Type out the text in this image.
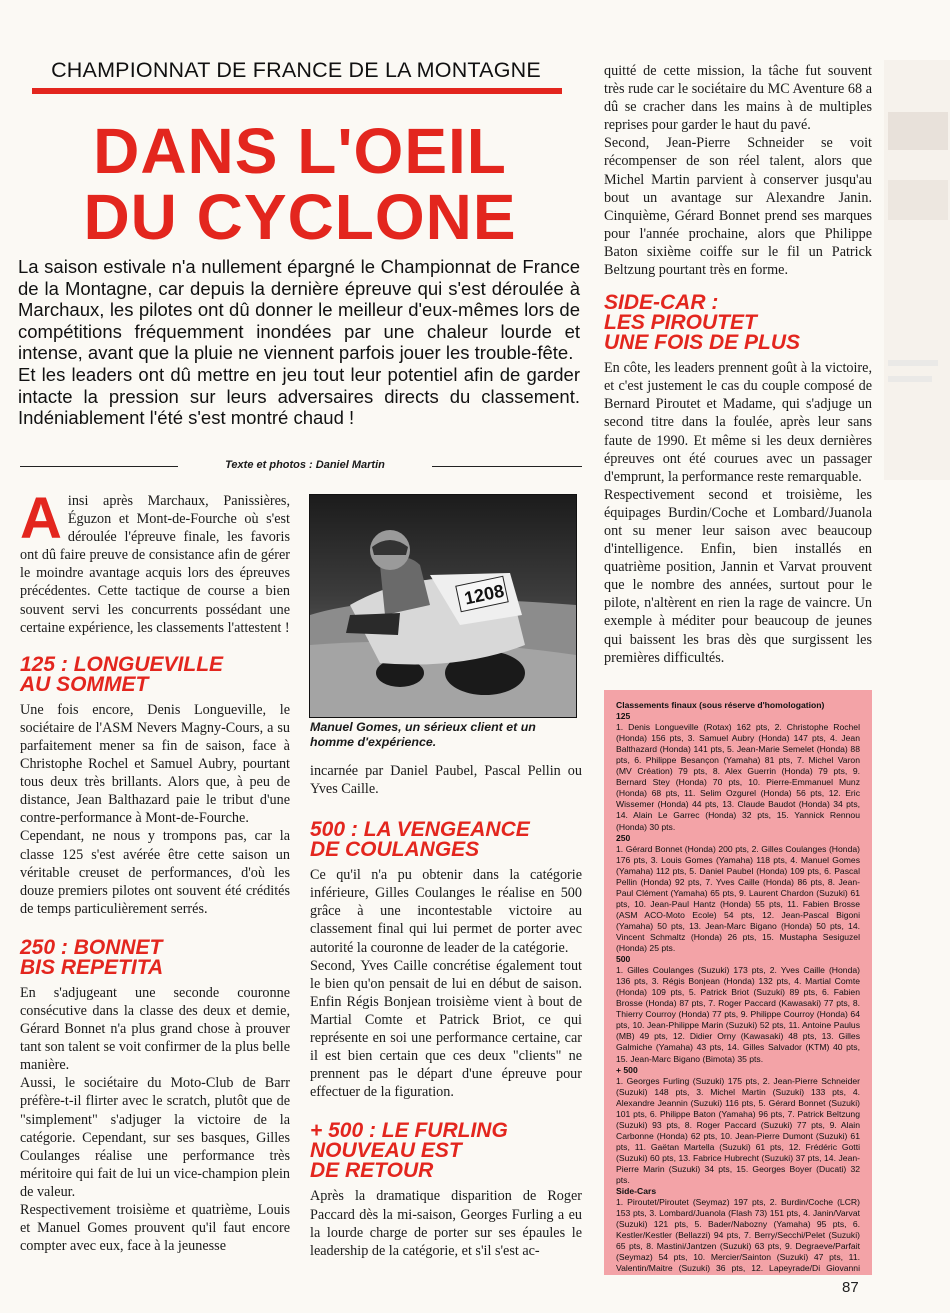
CHAMPIONNAT DE FRANCE DE LA MONTAGNE
DANS L'OEIL
DU CYCLONE

La saison estivale n'a nullement épargné le Championnat de France de la Montagne, car depuis la dernière épreuve qui s'est déroulée à Marchaux, les pilotes ont dû donner le meilleur d'eux-mêmes lors de compétitions fréquemment inondées par une chaleur lourde et intense, avant que la pluie ne viennent parfois jouer les trouble-fête.

Et les leaders ont dû mettre en jeu tout leur potentiel afin de garder intacte la pression sur leurs adversaires directs du classement. Indéniablement l'été s'est montré chaud !

Texte et photos : Daniel Martin

Ainsi après Marchaux, Panissières, Éguzon et Mont-de-Fourche où s'est déroulée l'épreuve finale, les favoris ont dû faire preuve de consistance afin de gérer le moindre avantage acquis lors des épreuves précédentes. Cette tactique de course a bien souvent servi les concurrents possédant une certaine expérience, les classements l'attestent !

125 : LONGUEVILLE
AU SOMMET

Une fois encore, Denis Longueville, le sociétaire de l'ASM Nevers Magny-Cours, a su parfaitement mener sa fin de saison, face à Christophe Rochel et Samuel Aubry, pourtant tous deux très brillants. Alors que, à peu de distance, Jean Balthazard paie le tribut d'une contre-performance à Mont-de-Fourche.

Cependant, ne nous y trompons pas, car la classe 125 s'est avérée être cette saison un véritable creuset de performances, d'où les douze premiers pilotes ont souvent été crédités de temps particulièrement serrés.

250 : BONNET
BIS REPETITA

En s'adjugeant une seconde couronne consécutive dans la classe des deux et demie, Gérard Bonnet n'a plus grand chose à prouver tant son talent se voit confirmer de la plus belle manière.

Aussi, le sociétaire du Moto-Club de Barr préfère-t-il flirter avec le scratch, plutôt que de "simplement" s'adjuger la victoire de la catégorie. Cependant, sur ses basques, Gilles Coulanges réalise une performance très méritoire qui fait de lui un vice-champion plein de valeur.

Respectivement troisième et quatrième, Louis et Manuel Gomes prouvent qu'il faut encore compter avec eux, face à la jeunesse

1208
Manuel Gomes, un sérieux client et un homme d'expérience.

incarnée par Daniel Paubel, Pascal Pellin ou Yves Caille.

500 : LA VENGEANCE
DE COULANGES

Ce qu'il n'a pu obtenir dans la catégorie inférieure, Gilles Coulanges le réalise en 500 grâce à une incontestable victoire au classement final qui lui permet de porter avec autorité la couronne de leader de la catégorie.

Second, Yves Caille concrétise également tout le bien qu'on pensait de lui en début de saison. Enfin Régis Bonjean troisième vient à bout de Martial Comte et Patrick Briot, ce qui représente en soi une performance certaine, car il est bien certain que ces deux "clients" ne prennent pas le départ d'une épreuve pour effectuer de la figuration.

+ 500 : LE FURLING
NOUVEAU EST
DE RETOUR

Après la dramatique disparition de Roger Paccard dès la mi-saison, Georges Furling a eu la lourde charge de porter sur ses épaules le leadership de la catégorie, et s'il s'est ac-

quitté de cette mission, la tâche fut souvent très rude car le sociétaire du MC Aventure 68 a dû se cracher dans les mains à de multiples reprises pour garder le haut du pavé.

Second, Jean-Pierre Schneider se voit récompenser de son réel talent, alors que Michel Martin parvient à conserver jusqu'au bout un avantage sur Alexandre Janin. Cinquième, Gérard Bonnet prend ses marques pour l'année prochaine, alors que Philippe Baton sixième coiffe sur le fil un Patrick Beltzung pourtant très en forme.

SIDE-CAR :
LES PIROUTET
UNE FOIS DE PLUS

En côte, les leaders prennent goût à la victoire, et c'est justement le cas du couple composé de Bernard Piroutet et Madame, qui s'adjuge un second titre dans la foulée, après leur sans faute de 1990. Et même si les deux dernières épreuves ont été courues avec un passager d'emprunt, la performance reste remarquable.

Respectivement second et troisième, les équipages Burdin/Coche et Lombard/Juanola ont su mener leur saison avec beaucoup d'intelligence. Enfin, bien installés en quatrième position, Jannin et Varvat prouvent que le nombre des années, surtout pour le pilote, n'altèrent en rien la rage de vaincre. Un exemple à méditer pour beaucoup de jeunes qui baissent les bras dès que surgissent les premières difficultés.

Classements finaux (sous réserve d'homologation)

125

1. Denis Longueville (Rotax) 162 pts, 2. Christophe Rochel (Honda) 156 pts, 3. Samuel Aubry (Honda) 147 pts, 4. Jean Balthazard (Honda) 141 pts, 5. Jean-Marie Semelet (Honda) 88 pts, 6. Philippe Besançon (Yamaha) 81 pts, 7. Michel Varon (MV Création) 79 pts, 8. Alex Guerrin (Honda) 79 pts, 9. Bernard Stey (Honda) 70 pts, 10. Pierre-Emmanuel Munz (Honda) 68 pts, 11. Selim Ozgurel (Honda) 56 pts, 12. Eric Wissemer (Honda) 44 pts, 13. Claude Baudot (Honda) 34 pts, 14. Alain Le Garrec (Honda) 32 pts, 15. Yannick Rennou (Honda) 30 pts.

250

1. Gérard Bonnet (Honda) 200 pts, 2. Gilles Coulanges (Honda) 176 pts, 3. Louis Gomes (Yamaha) 118 pts, 4. Manuel Gomes (Yamaha) 112 pts, 5. Daniel Paubel (Honda) 109 pts, 6. Pascal Pellin (Honda) 92 pts, 7. Yves Caille (Honda) 86 pts, 8. Jean-Paul Clément (Yamaha) 65 pts, 9. Laurent Chardon (Suzuki) 61 pts, 10. Jean-Paul Hantz (Honda) 55 pts, 11. Fabien Brosse (ASM ACO-Moto Ecole) 54 pts, 12. Jean-Pascal Bigoni (Yamaha) 50 pts, 13. Jean-Marc Bigano (Honda) 50 pts, 14. Vincent Schmaltz (Honda) 26 pts, 15. Mustapha Sesiguzel (Honda) 25 pts.

500

1. Gilles Coulanges (Suzuki) 173 pts, 2. Yves Caille (Honda) 136 pts, 3. Régis Bonjean (Honda) 132 pts, 4. Martial Comte (Honda) 109 pts, 5. Patrick Briot (Suzuki) 89 pts, 6. Fabien Brosse (Honda) 87 pts, 7. Roger Paccard (Kawasaki) 77 pts, 8. Thierry Courroy (Honda) 77 pts, 9. Philippe Courroy (Honda) 64 pts, 10. Jean-Philippe Marin (Suzuki) 52 pts, 11. Antoine Paulus (MB) 49 pts, 12. Didier Orny (Kawasaki) 48 pts, 13. Gilles Galmiche (Yamaha) 43 pts, 14. Gilles Salvador (KTM) 40 pts, 15. Jean-Marc Bigano (Bimota) 35 pts.

+ 500

1. Georges Furling (Suzuki) 175 pts, 2. Jean-Pierre Schneider (Suzuki) 148 pts, 3. Michel Martin (Suzuki) 133 pts, 4. Alexandre Jeannin (Suzuki) 116 pts, 5. Gérard Bonnet (Suzuki) 101 pts, 6. Philippe Baton (Yamaha) 96 pts, 7. Patrick Beltzung (Suzuki) 93 pts, 8. Roger Paccard (Suzuki) 77 pts, 9. Alain Carbonne (Honda) 62 pts, 10. Jean-Pierre Dumont (Suzuki) 61 pts, 11. Gaëtan Martella (Suzuki) 61 pts, 12. Frédéric Gotti (Suzuki) 60 pts, 13. Fabrice Hubrecht (Suzuki) 37 pts, 14. Jean-Pierre Marin (Suzuki) 34 pts, 15. Georges Boyer (Ducati) 32 pts.

Side-Cars

1. Piroutet/Piroutet (Seymaz) 197 pts, 2. Burdin/Coche (LCR) 153 pts, 3. Lombard/Juanola (Flash 73) 151 pts, 4. Janin/Varvat (Suzuki) 121 pts, 5. Bader/Nabozny (Yamaha) 95 pts, 6. Kestler/Kestler (Bellazzi) 94 pts, 7. Berry/Secchi/Pelet (Suzuki) 65 pts, 8. Mastini/Jantzen (Suzuki) 63 pts, 9. Degraeve/Parfait (Seymaz) 54 pts, 10. Mercier/Sainton (Suzuki) 47 pts, 11. Valentin/Maitre (Suzuki) 36 pts, 12. Lapeyrade/Di Giovanni

87
